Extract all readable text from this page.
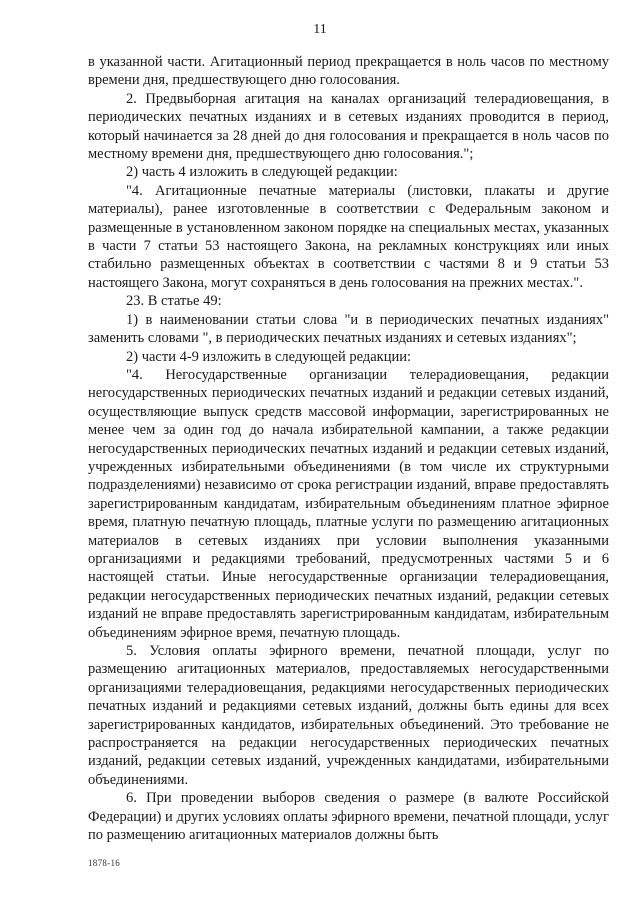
11

в указанной части. Агитационный период прекращается в ноль часов по местному времени дня, предшествующего дню голосования.

2. Предвыборная агитация на каналах организаций телерадиовещания, в периодических печатных изданиях и в сетевых изданиях проводится в период, который начинается за 28 дней до дня голосования и прекращается в ноль часов по местному времени дня, предшествующего дню голосования.";

2) часть 4 изложить в следующей редакции:

"4. Агитационные печатные материалы (листовки, плакаты и другие материалы), ранее изготовленные в соответствии с Федеральным законом и размещенные в установленном законом порядке на специальных местах, указанных в части 7 статьи 53 настоящего Закона, на рекламных конструкциях или иных стабильно размещенных объектах в соответствии с частями 8 и 9 статьи 53 настоящего Закона, могут сохраняться в день голосования на прежних местах.".

23. В статье 49:

1) в наименовании статьи слова "и в периодических печатных изданиях" заменить словами ", в периодических печатных изданиях и сетевых изданиях";

2) части 4-9 изложить в следующей редакции:

"4. Негосударственные организации телерадиовещания, редакции негосударственных периодических печатных изданий и редакции сетевых изданий, осуществляющие выпуск средств массовой информации, зарегистрированных не менее чем за один год до начала избирательной кампании, а также редакции негосударственных периодических печатных изданий и редакции сетевых изданий, учрежденных избирательными объединениями (в том числе их структурными подразделениями) независимо от срока регистрации изданий, вправе предоставлять зарегистрированным кандидатам, избирательным объединениям платное эфирное время, платную печатную площадь, платные услуги по размещению агитационных материалов в сетевых изданиях при условии выполнения указанными организациями и редакциями требований, предусмотренных частями 5 и 6 настоящей статьи. Иные негосударственные организации телерадиовещания, редакции негосударственных периодических печатных изданий, редакции сетевых изданий не вправе предоставлять зарегистрированным кандидатам, избирательным объединениям эфирное время, печатную площадь.

5. Условия оплаты эфирного времени, печатной площади, услуг по размещению агитационных материалов, предоставляемых негосударственными организациями телерадиовещания, редакциями негосударственных периодических печатных изданий и редакциями сетевых изданий, должны быть едины для всех зарегистрированных кандидатов, избирательных объединений. Это требование не распространяется на редакции негосударственных периодических печатных изданий, редакции сетевых изданий, учрежденных кандидатами, избирательными объединениями.

6. При проведении выборов сведения о размере (в валюте Российской Федерации) и других условиях оплаты эфирного времени, печатной площади, услуг по размещению агитационных материалов должны быть

1878-16
